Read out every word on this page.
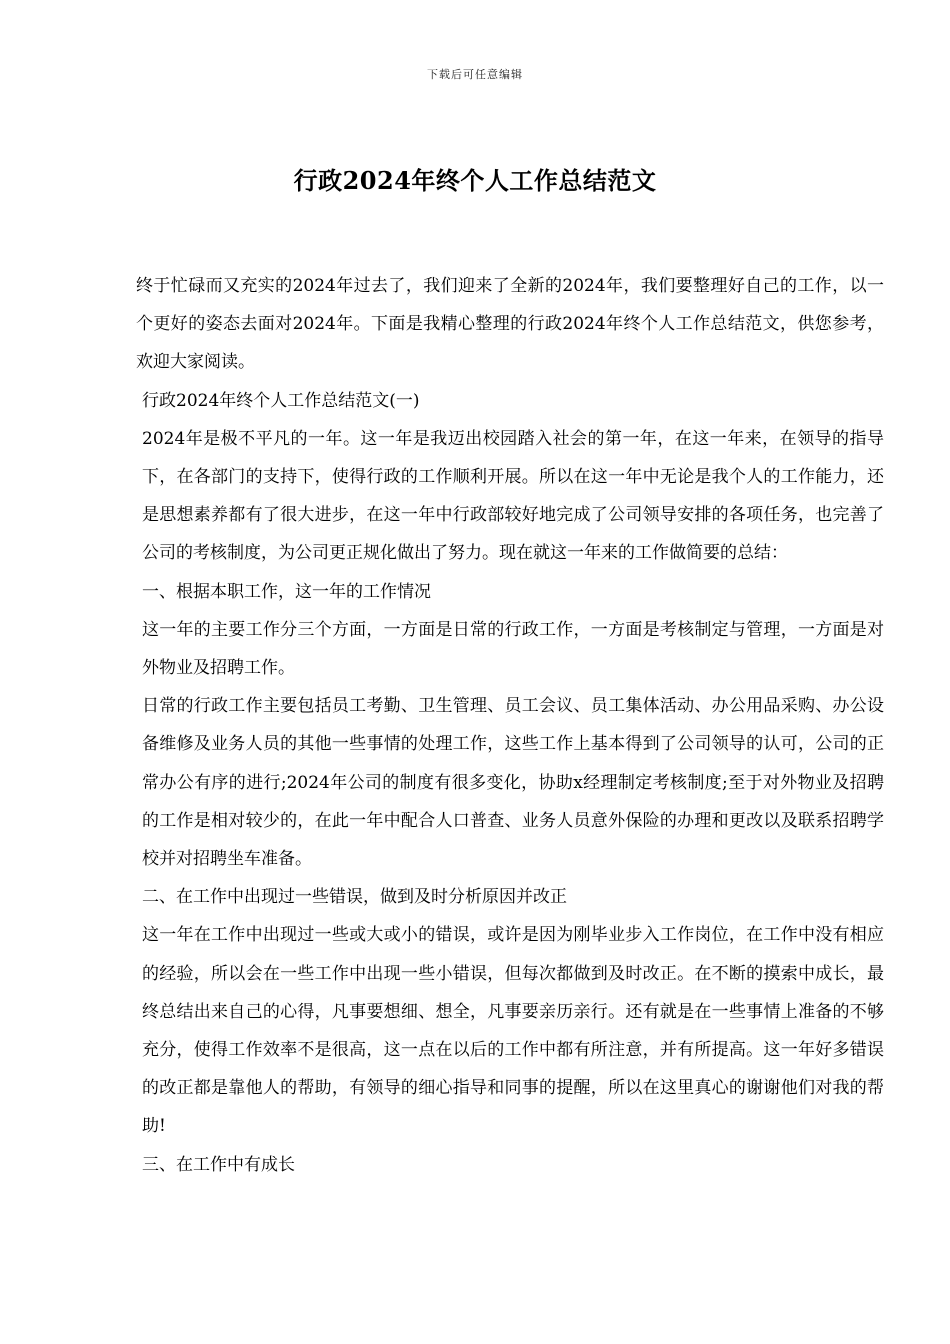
下载后可任意编辑
行政2024年终个人工作总结范文

终于忙碌而又充实的2024年过去了，我们迎来了全新的2024年，我们要整理好自己的工作，以一个更好的姿态去面对2024年。下面是我精心整理的行政2024年终个人工作总结范文，供您参考，欢迎大家阅读。

行政2024年终个人工作总结范文(一)

2024年是极不平凡的一年。这一年是我迈出校园踏入社会的第一年，在这一年来，在领导的指导下，在各部门的支持下，使得行政的工作顺利开展。所以在这一年中无论是我个人的工作能力，还是思想素养都有了很大进步，在这一年中行政部较好地完成了公司领导安排的各项任务，也完善了公司的考核制度，为公司更正规化做出了努力。现在就这一年来的工作做简要的总结：

一、根据本职工作，这一年的工作情况

这一年的主要工作分三个方面，一方面是日常的行政工作，一方面是考核制定与管理，一方面是对外物业及招聘工作。

日常的行政工作主要包括员工考勤、卫生管理、员工会议、员工集体活动、办公用品采购、办公设备维修及业务人员的其他一些事情的处理工作，这些工作上基本得到了公司领导的认可，公司的正常办公有序的进行;2024年公司的制度有很多变化，协助x经理制定考核制度;至于对外物业及招聘的工作是相对较少的，在此一年中配合人口普查、业务人员意外保险的办理和更改以及联系招聘学校并对招聘坐车准备。

二、在工作中出现过一些错误，做到及时分析原因并改正

这一年在工作中出现过一些或大或小的错误，或许是因为刚毕业步入工作岗位，在工作中没有相应的经验，所以会在一些工作中出现一些小错误，但每次都做到及时改正。在不断的摸索中成长，最终总结出来自己的心得，凡事要想细、想全，凡事要亲历亲行。还有就是在一些事情上准备的不够充分，使得工作效率不是很高，这一点在以后的工作中都有所注意，并有所提高。这一年好多错误的改正都是靠他人的帮助，有领导的细心指导和同事的提醒，所以在这里真心的谢谢他们对我的帮助!

三、在工作中有成长
